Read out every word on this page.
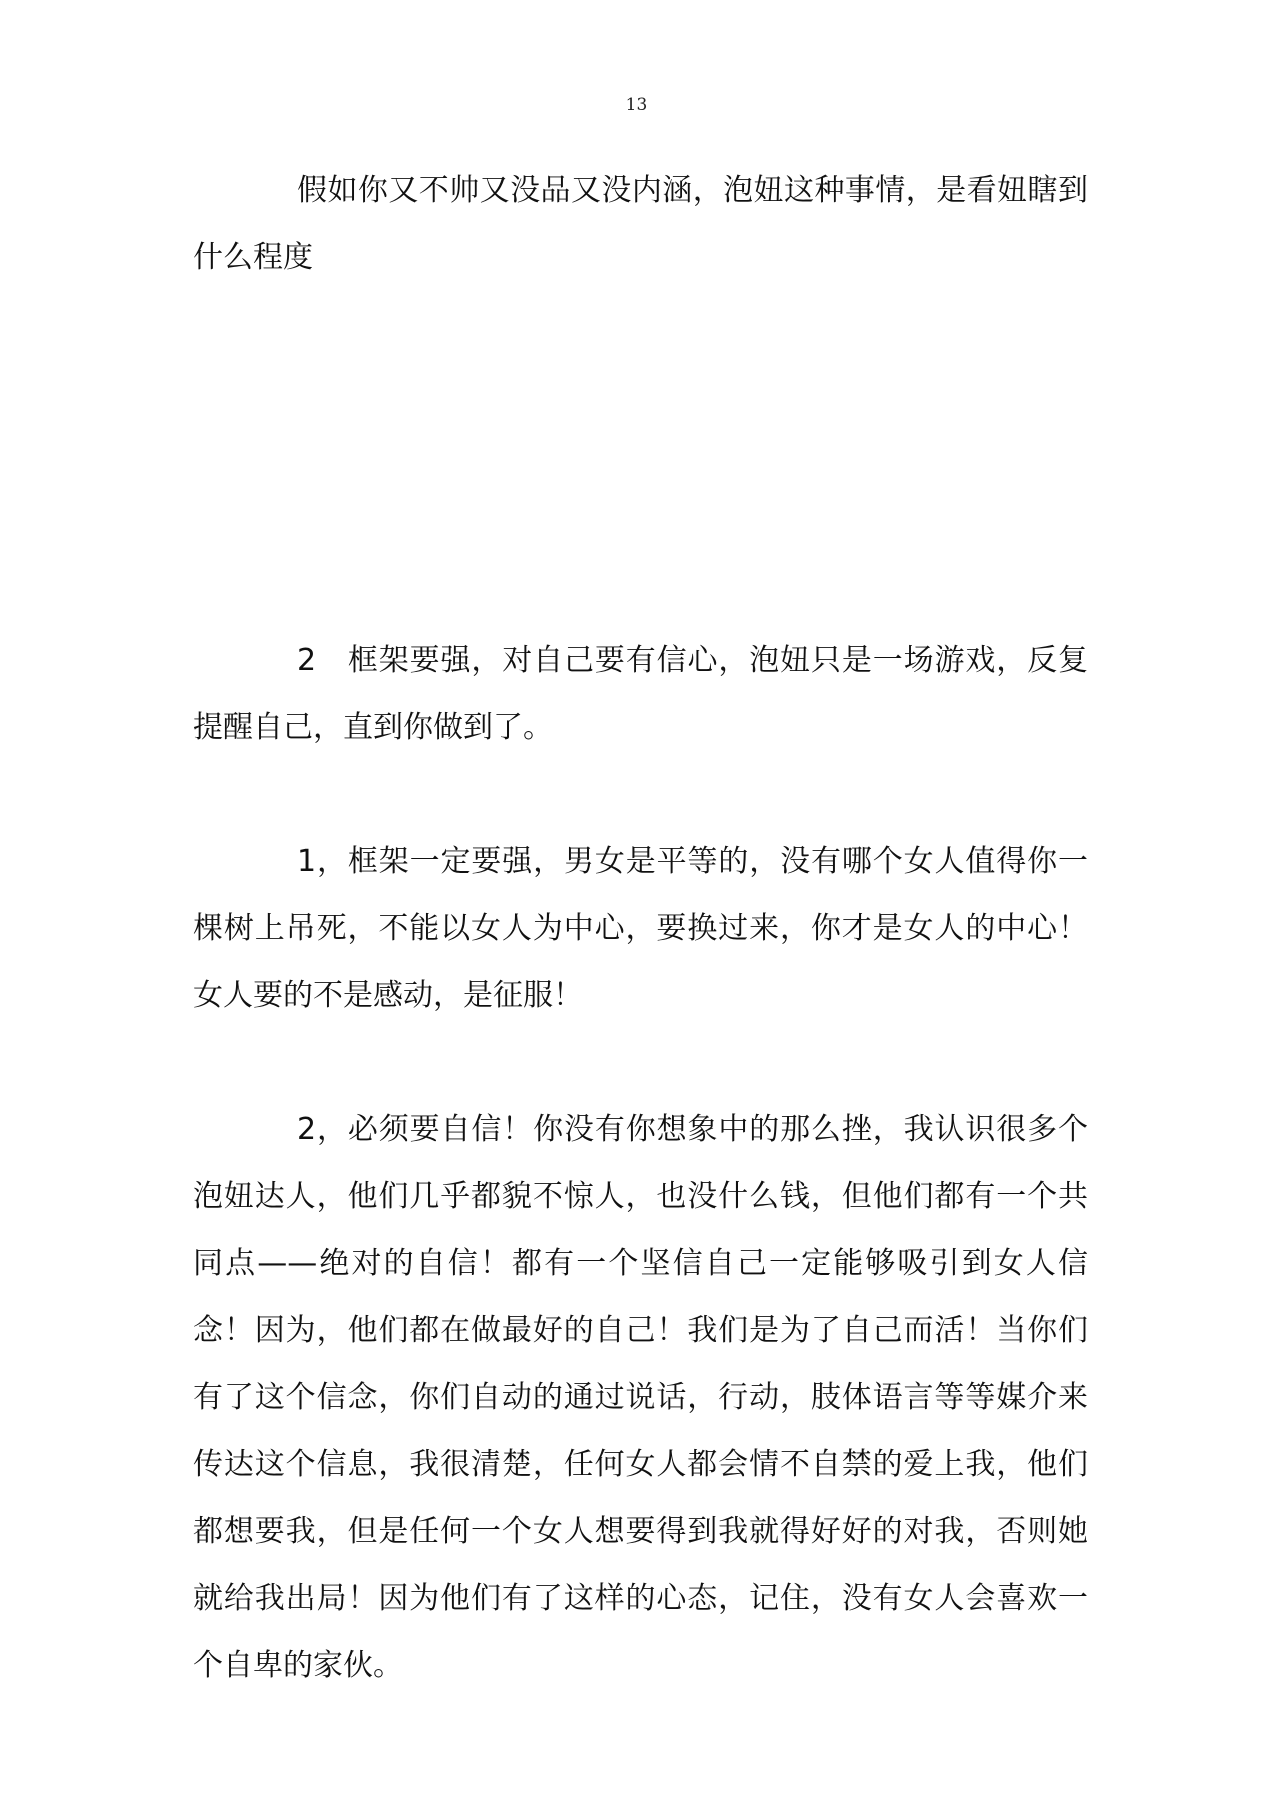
13

假如你又不帅又没品又没内涵，泡妞这种事情，是看妞瞎到什么程度

2　框架要强，对自己要有信心，泡妞只是一场游戏，反复提醒自己，直到你做到了。

1，框架一定要强，男女是平等的，没有哪个女人值得你一棵树上吊死，不能以女人为中心，要换过来，你才是女人的中心！女人要的不是感动，是征服！

2，必须要自信！你没有你想象中的那么挫，我认识很多个泡妞达人，他们几乎都貌不惊人，也没什么钱，但他们都有一个共同点——绝对的自信！都有一个坚信自己一定能够吸引到女人信念！因为，他们都在做最好的自己！我们是为了自己而活！当你们有了这个信念，你们自动的通过说话，行动，肢体语言等等媒介来传达这个信息，我很清楚，任何女人都会情不自禁的爱上我，他们都想要我，但是任何一个女人想要得到我就得好好的对我，否则她就给我出局！因为他们有了这样的心态，记住，没有女人会喜欢一个自卑的家伙。
